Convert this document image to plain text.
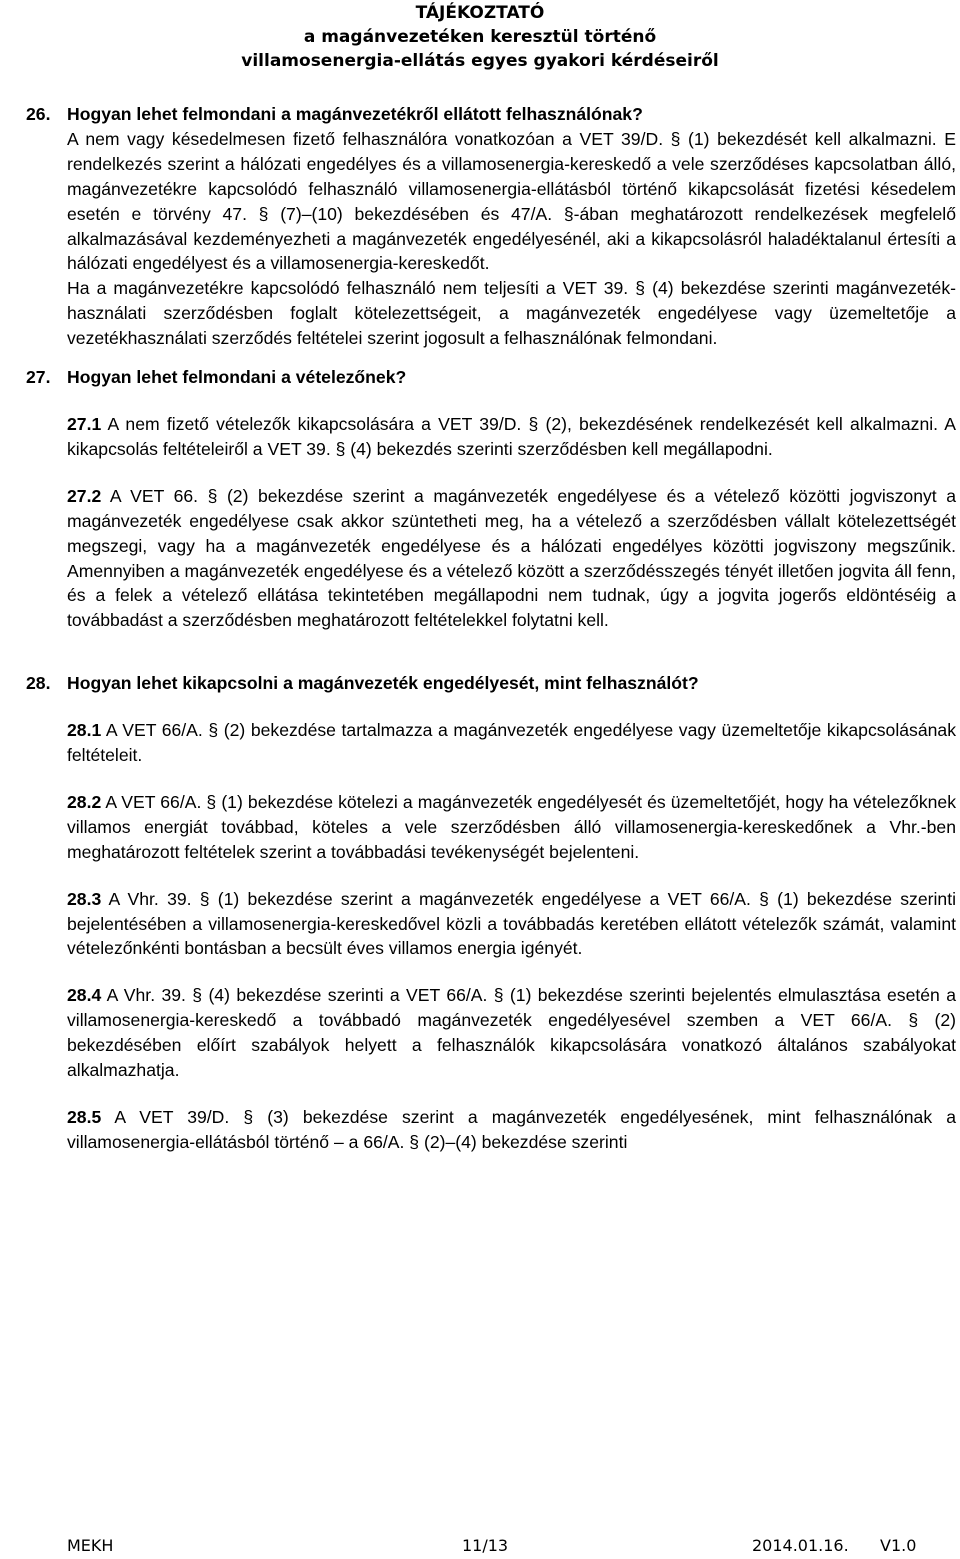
TÁJÉKOZTATÓ
a magánvezetéken keresztül történő
villamosenergia-ellátás egyes gyakori kérdéseiről
26. Hogyan lehet felmondani a magánvezetékről ellátott felhasználónak?

A nem vagy késedelmesen fizető felhasználóra vonatkozóan a VET 39/D. § (1) bekezdését kell alkalmazni. E rendelkezés szerint a hálózati engedélyes és a villamosenergia-kereskedő a vele szerződéses kapcsolatban álló, magánvezetékre kapcsolódó felhasználó villamosenergia-ellátásból történő kikapcsolását fizetési késedelem esetén e törvény 47. § (7)–(10) bekezdésében és 47/A. §-ában meghatározott rendelkezések megfelelő alkalmazásával kezdeményezheti a magánvezeték engedélyesénél, aki a kikapcsolásról haladéktalanul értesíti a hálózati engedélyest és a villamosenergia-kereskedőt.

Ha a magánvezetékre kapcsolódó felhasználó nem teljesíti a VET 39. § (4) bekezdése szerinti magánvezeték-használati szerződésben foglalt kötelezettségeit, a magánvezeték engedélyese vagy üzemeltetője a vezetékhasználati szerződés feltételei szerint jogosult a felhasználónak felmondani.

27. Hogyan lehet felmondani a vételezőnek?

27.1 A nem fizető vételezők kikapcsolására a VET 39/D. § (2), bekezdésének rendelkezését kell alkalmazni. A kikapcsolás feltételeiről a VET 39. § (4) bekezdés szerinti szerződésben kell megállapodni.

27.2 A VET 66. § (2) bekezdése szerint a magánvezeték engedélyese és a vételező közötti jogviszonyt a magánvezeték engedélyese csak akkor szüntetheti meg, ha a vételező a szerződésben vállalt kötelezettségét megszegi, vagy ha a magánvezeték engedélyese és a hálózati engedélyes közötti jogviszony megszűnik. Amennyiben a magánvezeték engedélyese és a vételező között a szerződésszegés tényét illetően jogvita áll fenn, és a felek a vételező ellátása tekintetében megállapodni nem tudnak, úgy a jogvita jogerős eldöntéséig a továbbadást a szerződésben meghatározott feltételekkel folytatni kell.

28. Hogyan lehet kikapcsolni a magánvezeték engedélyesét, mint felhasználót?

28.1 A VET 66/A. § (2) bekezdése tartalmazza a magánvezeték engedélyese vagy üzemeltetője kikapcsolásának feltételeit.

28.2 A VET 66/A. § (1) bekezdése kötelezi a magánvezeték engedélyesét és üzemeltetőjét, hogy ha vételezőknek villamos energiát továbbad, köteles a vele szerződésben álló villamosenergia-kereskedőnek a Vhr.-ben meghatározott feltételek szerint a továbbadási tevékenységét bejelenteni.

28.3 A Vhr. 39. § (1) bekezdése szerint a magánvezeték engedélyese a VET 66/A. § (1) bekezdése szerinti bejelentésében a villamosenergia-kereskedővel közli a továbbadás keretében ellátott vételezők számát, valamint vételezőnkénti bontásban a becsült éves villamos energia igényét.

28.4 A Vhr. 39. § (4) bekezdése szerinti a VET 66/A. § (1) bekezdése szerinti bejelentés elmulasztása esetén a villamosenergia-kereskedő a továbbadó magánvezeték engedélyesével szemben a VET 66/A. § (2) bekezdésében előírt szabályok helyett a felhasználók kikapcsolására vonatkozó általános szabályokat alkalmazhatja.

28.5 A VET 39/D. § (3) bekezdése szerint a magánvezeték engedélyesének, mint felhasználónak a villamosenergia-ellátásból történő – a 66/A. § (2)–(4) bekezdése szerinti

MEKH	11/13	2014.01.16. V1.0
